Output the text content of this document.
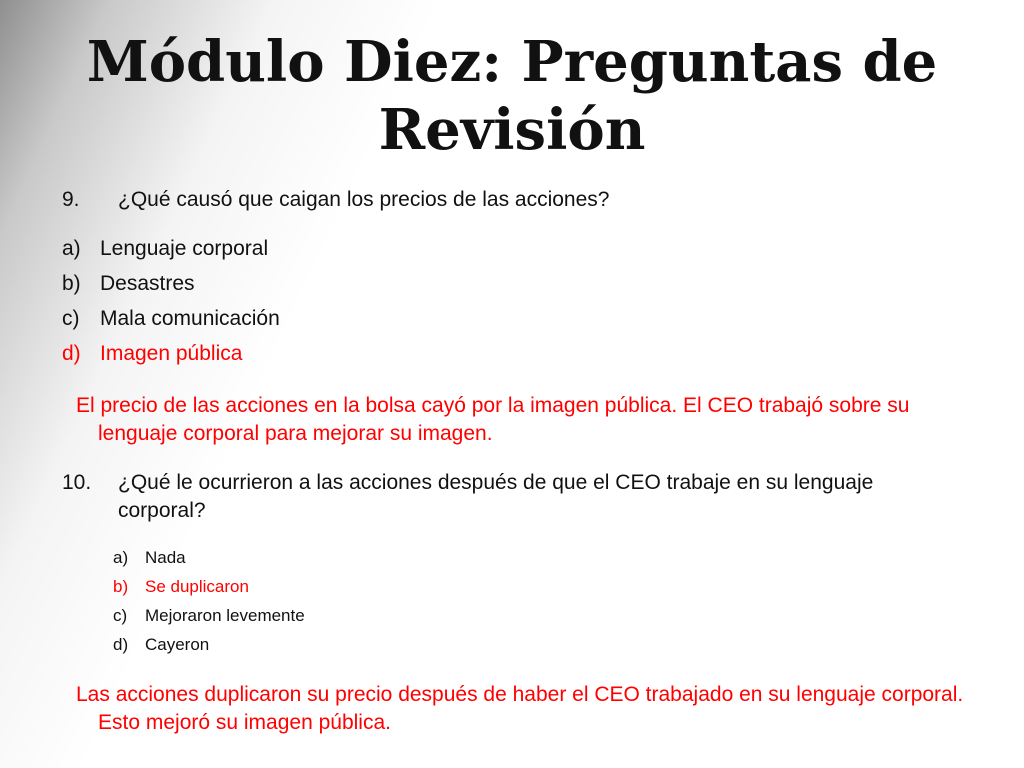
Módulo Diez: Preguntas de Revisión
9. ¿Qué causó que caigan los precios de las acciones?
a) Lenguaje corporal
b) Desastres
c) Mala comunicación
d) Imagen pública
El precio de las acciones en la bolsa cayó por la imagen pública. El CEO trabajó sobre su lenguaje corporal para mejorar su imagen.
10. ¿Qué le ocurrieron a las acciones después de que el CEO trabaje en su lenguaje corporal?
a) Nada
b) Se duplicaron
c) Mejoraron levemente
d) Cayeron
Las acciones duplicaron su precio después de haber el CEO trabajado en su lenguaje corporal. Esto mejoró su imagen pública.
